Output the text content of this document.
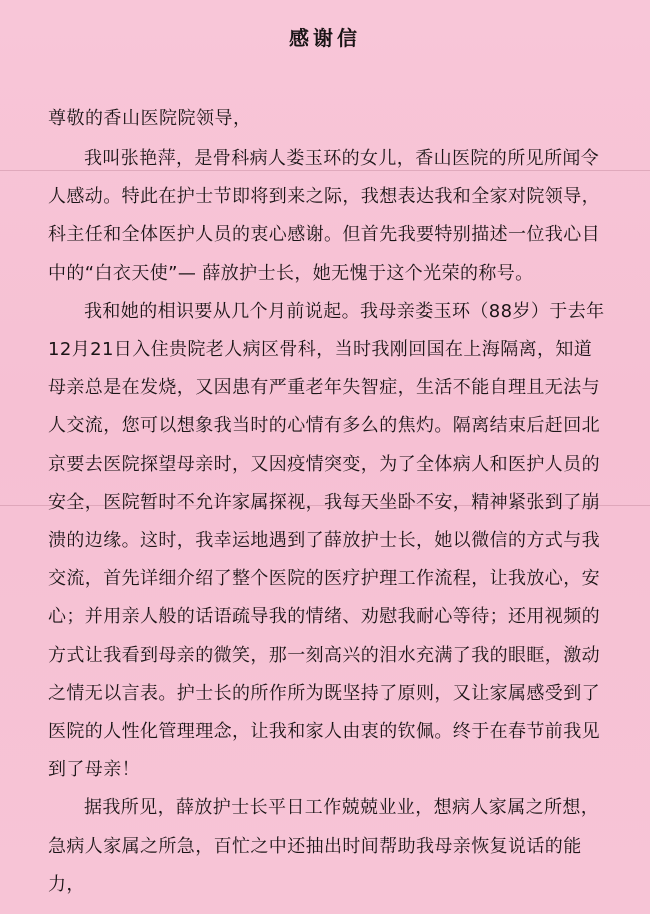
感谢信
尊敬的香山医院院领导，

我叫张艳萍，是骨科病人娄玉环的女儿，香山医院的所见所闻令人感动。特此在护士节即将到来之际，我想表达我和全家对院领导，科主任和全体医护人员的衷心感谢。但首先我要特别描述一位我心目中的“白衣天使”— 薛放护士长，她无愧于这个光荣的称号。

我和她的相识要从几个月前说起。我母亲娄玉环（88岁）于去年12月21日入住贵院老人病区骨科，当时我刚回国在上海隔离，知道母亲总是在发烧，又因患有严重老年失智症，生活不能自理且无法与人交流，您可以想象我当时的心情有多么的焦灼。隔离结束后赶回北京要去医院探望母亲时，又因疫情突变，为了全体病人和医护人员的安全，医院暂时不允许家属探视，我每天坐卧不安，精神紧张到了崩溃的边缘。这时，我幸运地遇到了薛放护士长，她以微信的方式与我交流，首先详细介绍了整个医院的医疗护理工作流程，让我放心，安心；并用亲人般的话语疏导我的情绪、劝慰我耐心等待；还用视频的方式让我看到母亲的微笑，那一刻高兴的泪水充满了我的眼眶，激动之情无以言表。护士长的所作所为既坚持了原则，又让家属感受到了医院的人性化管理理念，让我和家人由衷的钦佩。终于在春节前我见到了母亲！

据我所见，薛放护士长平日工作兢兢业业，想病人家属之所想，急病人家属之所急，百忙之中还抽出时间帮助我母亲恢复说话的能力，
